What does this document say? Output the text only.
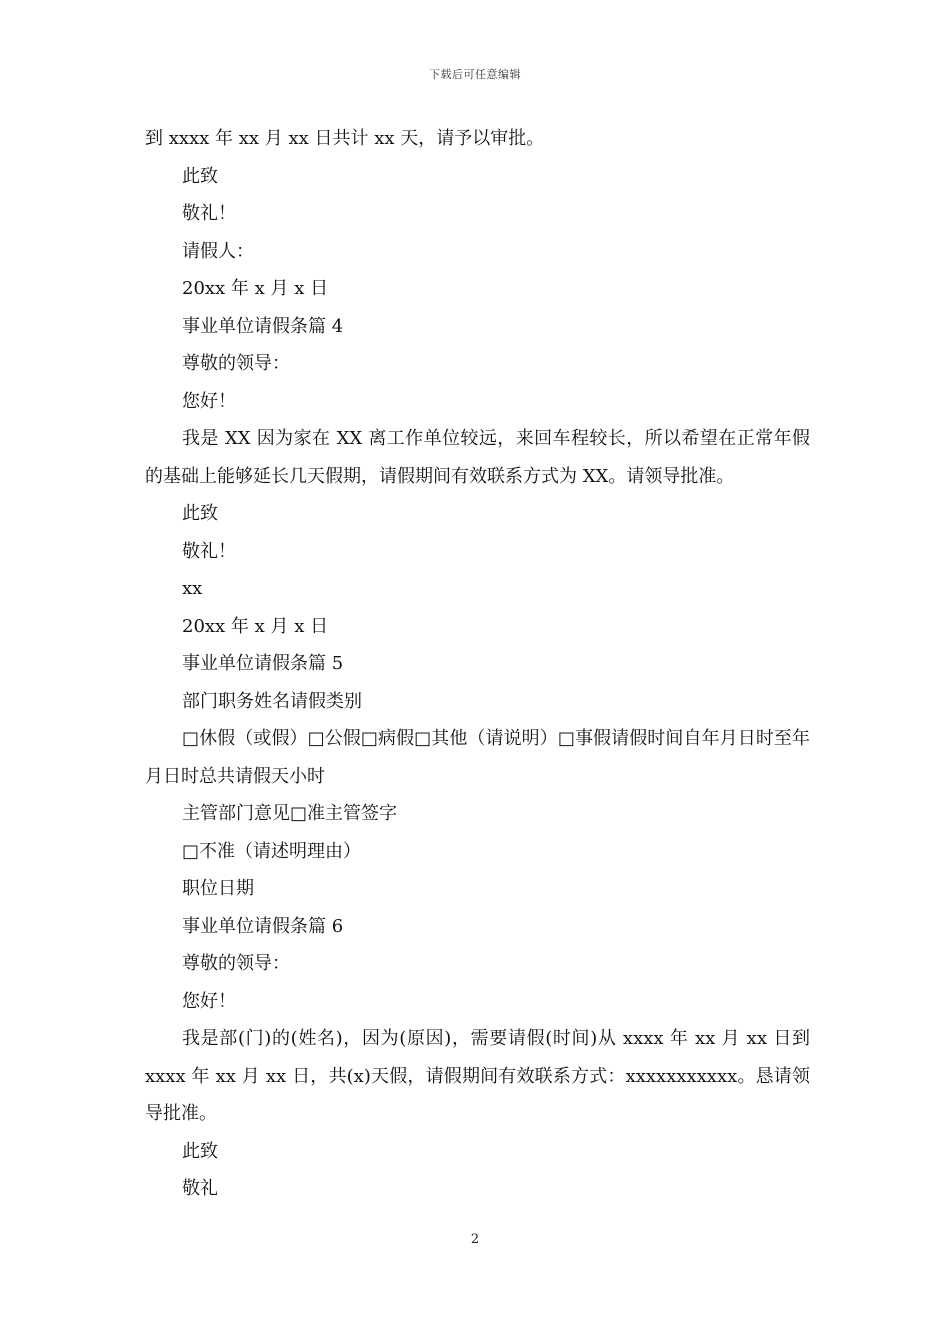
下载后可任意编辑

到 xxxx 年 xx 月 xx 日共计 xx 天，请予以审批。

此致

敬礼！

请假人：

20xx 年 x 月 x 日

事业单位请假条篇 4

尊敬的领导：

您好！

我是 XX 因为家在 XX 离工作单位较远，来回车程较长，所以希望在正常年假的基础上能够延长几天假期，请假期间有效联系方式为 XX。请领导批准。

此致

敬礼！

xx

20xx 年 x 月 x 日

事业单位请假条篇 5

部门职务姓名请假类别

□休假（或假）□公假□病假□其他（请说明）□事假请假时间自年月日时至年月日时总共请假天小时

主管部门意见□准主管签字

□不准（请述明理由）

职位日期

事业单位请假条篇 6

尊敬的领导：

您好！

我是部(门)的(姓名)，因为(原因)，需要请假(时间)从 xxxx 年 xx 月 xx 日到 xxxx 年 xx 月 xx 日，共(x)天假，请假期间有效联系方式：xxxxxxxxxxx。恳请领导批准。

此致

敬礼

2
